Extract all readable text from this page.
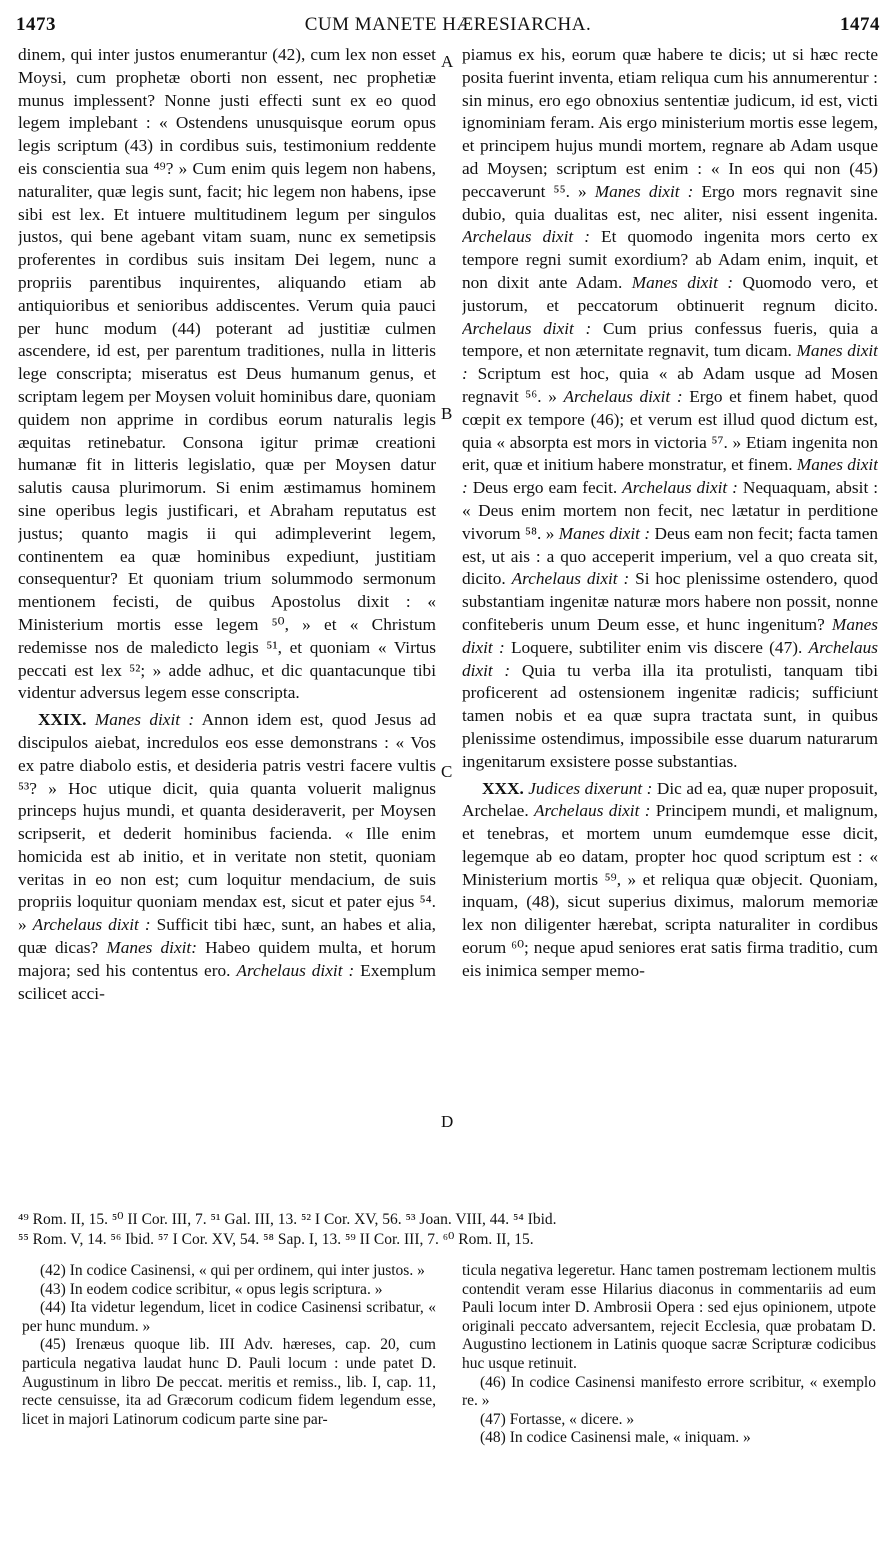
1473	CUM MANETE HÆRESIARCHA.	1474

dinem, qui inter justos enumerantur (42), cum lex non esset Moysi, cum prophetæ oborti non essent, nec prophetiæ munus implessent? Nonne justi effecti sunt ex eo quod legem implebant : « Ostendens unusquisque eorum opus legis scriptum (43) in cordibus suis, testimonium reddente eis conscientia sua ⁴⁹? » Cum enim quis legem non habens, naturaliter, quæ legis sunt, facit; hic legem non habens, ipse sibi est lex. Et intuere multitudinem legum per singulos justos, qui bene agebant vitam suam, nunc ex semetipsis proferentes in cordibus suis insitam Dei legem, nunc a propriis parentibus inquirentes, aliquando etiam ab antiquioribus et senioribus addiscentes. Verum quia pauci per hunc modum (44) poterant ad justitiæ culmen ascendere, id est, per parentum traditiones, nulla in litteris lege conscripta; miseratus est Deus humanum genus, et scriptam legem per Moysen voluit hominibus dare, quoniam quidem non apprime in cordibus eorum naturalis legis æquitas retinebatur. Consona igitur primæ creationi humanæ fit in litteris legislatio, quæ per Moysen datur salutis causa plurimorum. Si enim æstimamus hominem sine operibus legis justificari, et Abraham reputatus est justus; quanto magis ii qui adimpleverint legem, continentem ea quæ hominibus expediunt, justitiam consequentur? Et quoniam trium solummodo sermonum mentionem fecisti, de quibus Apostolus dixit : « Ministerium mortis esse legem ⁵⁰, » et « Christum redemisse nos de maledicto legis ⁵¹, et quoniam « Virtus peccati est lex ⁵²; » adde adhuc, et dic quantacunque tibi videntur adversus legem esse conscripta.

XXIX. Manes dixit : Annon idem est, quod Jesus ad discipulos aiebat, incredulos eos esse demonstrans : « Vos ex patre diabolo estis, et desideria patris vestri facere vultis ⁵³? » Hoc utique dicit, quia quanta voluerit malignus princeps hujus mundi, et quanta desideraverit, per Moysen scripserit, et dederit hominibus facienda. « Ille enim homicida est ab initio, et in veritate non stetit, quoniam veritas in eo non est; cum loquitur mendacium, de suis propriis loquitur quoniam mendax est, sicut et pater ejus ⁵⁴. » Archelaus dixit : Sufficit tibi hæc, sunt, an habes et alia, quæ dicas? Manes dixit: Habeo quidem multa, et horum majora; sed his contentus ero. Archelaus dixit : Exemplum scilicet acci-

A
B
C
D

piamus ex his, eorum quæ habere te dicis; ut si hæc recte posita fuerint inventa, etiam reliqua cum his annumerentur : sin minus, ero ego obnoxius sententiæ judicum, id est, victi ignominiam feram. Ais ergo ministerium mortis esse legem, et principem hujus mundi mortem, regnare ab Adam usque ad Moysen; scriptum est enim : « In eos qui non (45) peccaverunt ⁵⁵. » Manes dixit : Ergo mors regnavit sine dubio, quia dualitas est, nec aliter, nisi essent ingenita. Archelaus dixit : Et quomodo ingenita mors certo ex tempore regni sumit exordium? ab Adam enim, inquit, et non dixit ante Adam. Manes dixit : Quomodo vero, et justorum, et peccatorum obtinuerit regnum dicito. Archelaus dixit : Cum prius confessus fueris, quia a tempore, et non æternitate regnavit, tum dicam. Manes dixit : Scriptum est hoc, quia « ab Adam usque ad Mosen regnavit ⁵⁶. » Archelaus dixit : Ergo et finem habet, quod cœpit ex tempore (46); et verum est illud quod dictum est, quia « absorpta est mors in victoria ⁵⁷. » Etiam ingenita non erit, quæ et initium habere monstratur, et finem. Manes dixit : Deus ergo eam fecit. Archelaus dixit : Nequaquam, absit : « Deus enim mortem non fecit, nec lætatur in perditione vivorum ⁵⁸. » Manes dixit : Deus eam non fecit; facta tamen est, ut ais : a quo acceperit imperium, vel a quo creata sit, dicito. Archelaus dixit : Si hoc plenissime ostendero, quod substantiam ingenitæ naturæ mors habere non possit, nonne confiteberis unum Deum esse, et hunc ingenitum? Manes dixit : Loquere, subtiliter enim vis discere (47). Archelaus dixit : Quia tu verba illa ita protulisti, tanquam tibi proficerent ad ostensionem ingenitæ radicis; sufficiunt tamen nobis et ea quæ supra tractata sunt, in quibus plenissime ostendimus, impossibile esse duarum naturarum ingenitarum exsistere posse substantias.

XXX. Judices dixerunt : Dic ad ea, quæ nuper proposuit, Archelae. Archelaus dixit : Principem mundi, et malignum, et tenebras, et mortem unum eumdemque esse dicit, legemque ab eo datam, propter hoc quod scriptum est : « Ministerium mortis ⁵⁹, » et reliqua quæ objecit. Quoniam, inquam, (48), sicut superius diximus, malorum memoriæ lex non diligenter hærebat, scripta naturaliter in cordibus eorum ⁶⁰; neque apud seniores erat satis firma traditio, cum eis inimica semper memo-

⁴⁹ Rom. II, 15. ⁵⁰ II Cor. III, 7. ⁵¹ Gal. III, 13. ⁵² I Cor. XV, 56. ⁵³ Joan. VIII, 44. ⁵⁴ Ibid.
⁵⁵ Rom. V, 14. ⁵⁶ Ibid. ⁵⁷ I Cor. XV, 54. ⁵⁸ Sap. I, 13. ⁵⁹ II Cor. III, 7. ⁶⁰ Rom. II, 15.

(42) In codice Casinensi, « qui per ordinem, qui inter justos. »

(43) In eodem codice scribitur, « opus legis scriptura. »

(44) Ita videtur legendum, licet in codice Casinensi scribatur, « per hunc mundum. »

(45) Irenæus quoque lib. III Adv. hæreses, cap. 20, cum particula negativa laudat hunc D. Pauli locum : unde patet D. Augustinum in libro De peccat. meritis et remiss., lib. I, cap. 11, recte censuisse, ita ad Græcorum codicum fidem legendum esse, licet in majori Latinorum codicum parte sine par-

ticula negativa legeretur. Hanc tamen postremam lectionem multis contendit veram esse Hilarius diaconus in commentariis ad eum Pauli locum inter D. Ambrosii Opera : sed ejus opinionem, utpote originali peccato adversantem, rejecit Ecclesia, quæ probatam D. Augustino lectionem in Latinis quoque sacræ Scripturæ codicibus huc usque retinuit.

(46) In codice Casinensi manifesto errore scribitur, « exemplo re. »

(47) Fortasse, « dicere. »

(48) In codice Casinensi male, « iniquam. »
